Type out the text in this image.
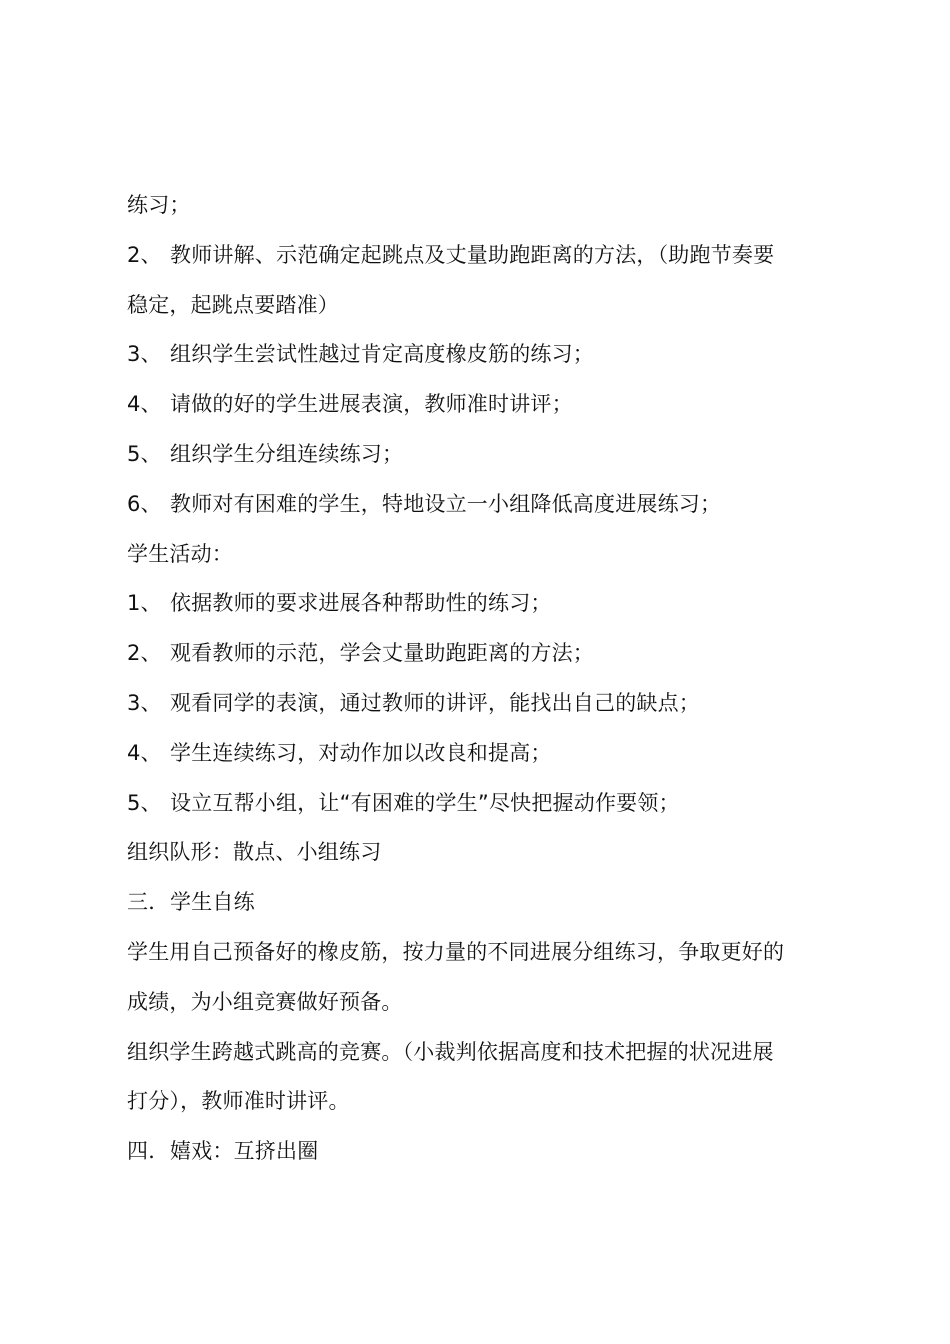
练习；
2、 教师讲解、示范确定起跳点及丈量助跑距离的方法，（助跑节奏要
稳定，起跳点要踏准）
3、 组织学生尝试性越过肯定高度橡皮筋的练习；
4、 请做的好的学生进展表演，教师准时讲评；
5、 组织学生分组连续练习；
6、 教师对有困难的学生，特地设立一小组降低高度进展练习；
学生活动：
1、 依据教师的要求进展各种帮助性的练习；
2、 观看教师的示范，学会丈量助跑距离的方法；
3、 观看同学的表演，通过教师的讲评，能找出自己的缺点；
4、 学生连续练习，对动作加以改良和提高；
5、 设立互帮小组，让“有困难的学生”尽快把握动作要领；
组织队形：散点、小组练习
三．学生自练
学生用自己预备好的橡皮筋，按力量的不同进展分组练习，争取更好的
成绩，为小组竞赛做好预备。
组织学生跨越式跳高的竞赛。（小裁判依据高度和技术把握的状况进展
打分），教师准时讲评。
四．嬉戏：互挤出圈
